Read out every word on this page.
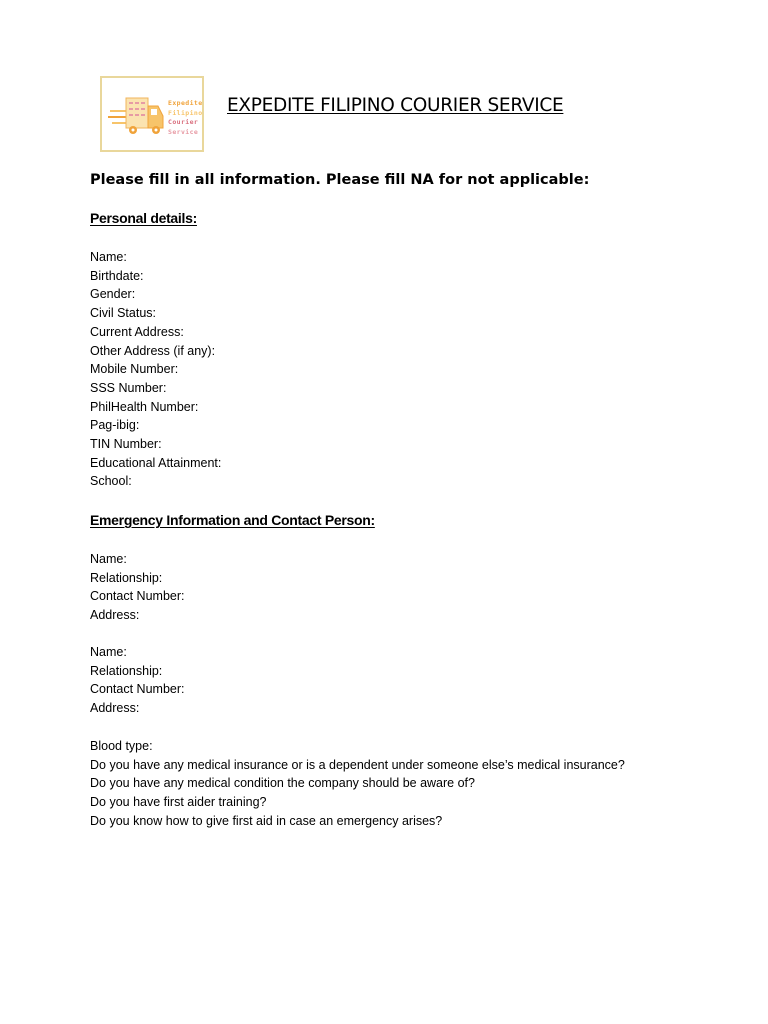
Expedite
Filipino
Courier
Service
EXPEDITE FILIPINO COURIER SERVICE
Please fill in all information. Please fill NA for not applicable:
Personal details:
Name:
Birthdate:
Gender:
Civil Status:
Current Address:
Other Address (if any):
Mobile Number:
SSS Number:
PhilHealth Number:
Pag-ibig:
TIN Number:
Educational Attainment:
School:
Emergency Information and Contact Person:
Name:
Relationship:
Contact Number:
Address:
Name:
Relationship:
Contact Number:
Address:
Blood type:
Do you have any medical insurance or is a dependent under someone else’s medical insurance?
Do you have any medical condition the company should be aware of?
Do you have first aider training?
Do you know how to give first aid in case an emergency arises?
